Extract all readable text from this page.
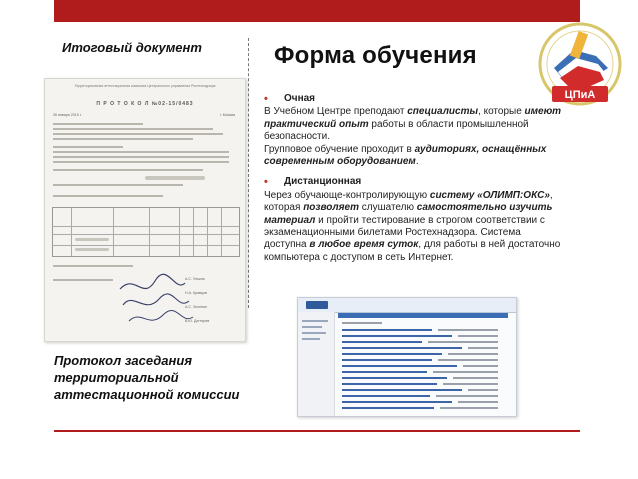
Итоговый документ	Форма обучения
ЦПиА
Территориальная аттестационная комиссия Центрального управления Ростехнадзора
П Р О Т О К О Л №02-15/0483
26 января 2015 г.	г. Москва
А.С. Ульков
Н.А. Кравцов
А.С. Зеленин
В.Ю. Дегтярев
Протокол заседания территориальной аттестационной комиссии
•	Очная

В Учебном Центре преподают специалисты, которые имеют практический опыт работы в области промышленной безопасности.

Групповое обучение проходит в аудиториях, оснащённых современным оборудованием.

•	Дистанционная

Через обучающе-контролирующую систему «ОЛИМП:ОКС», которая позволяет слушателю самостоятельно изучить материал и пройти тестирование в строгом соответствии с экзаменационными билетами Ростехнадзора. Система доступна в любое время суток, для работы в ней достаточно компьютера с доступом в сеть Интернет.
